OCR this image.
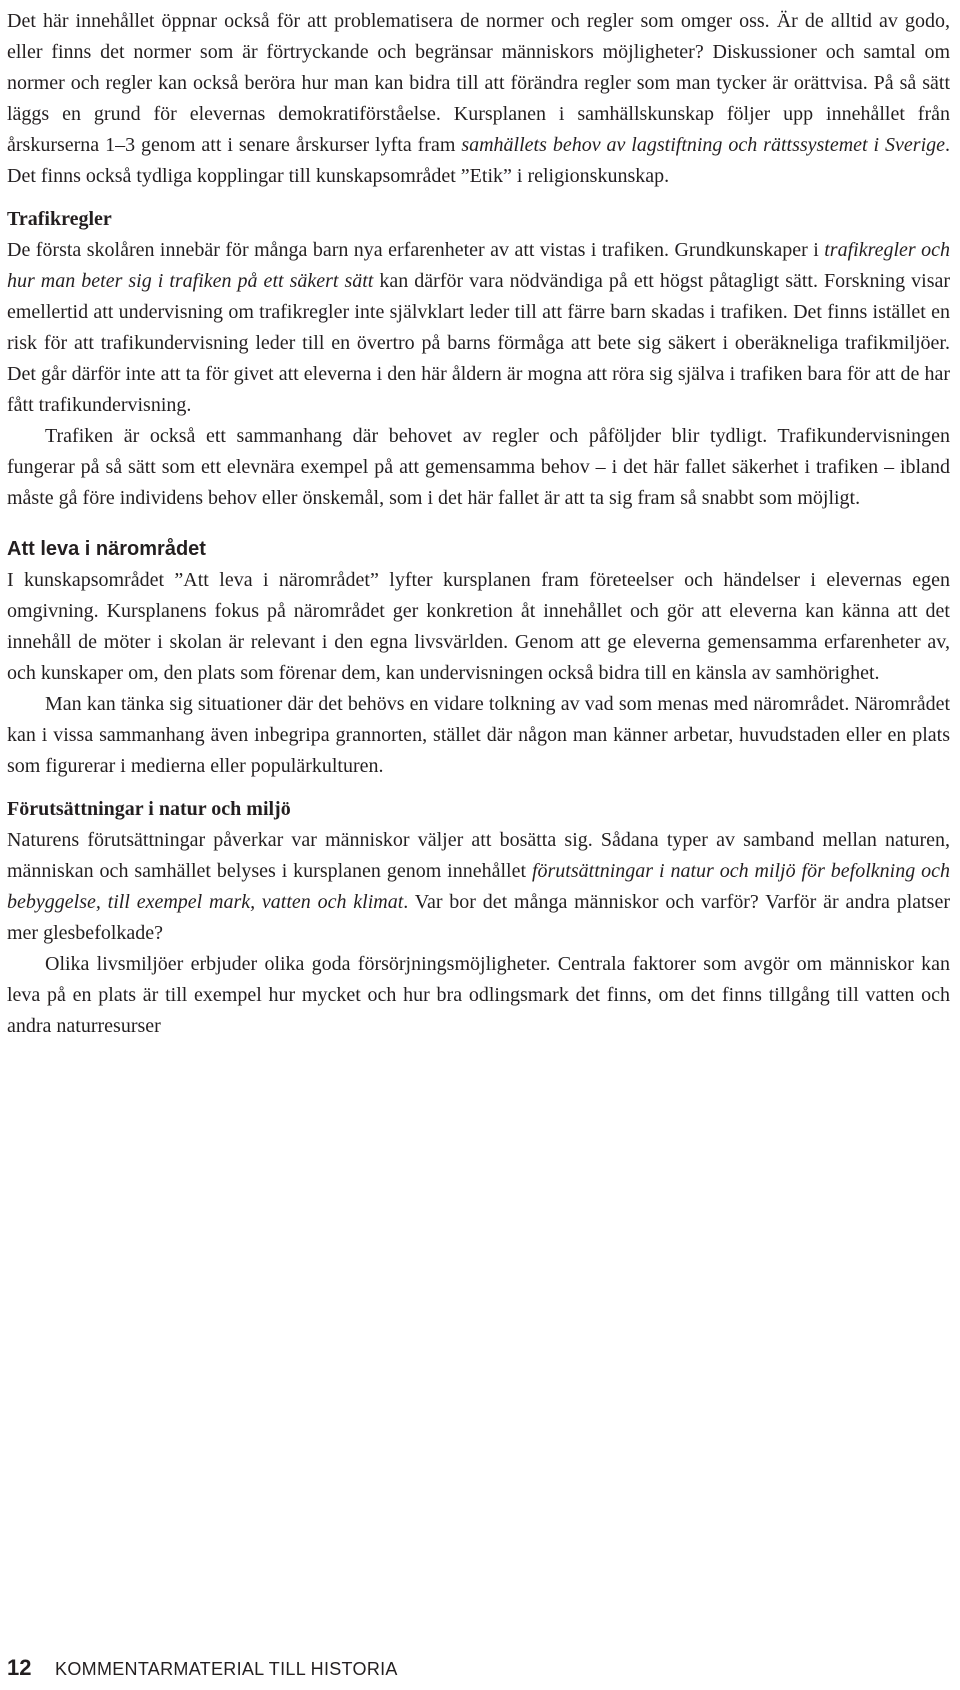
Det här innehållet öppnar också för att problematisera de normer och regler som omger oss. Är de alltid av godo, eller finns det normer som är förtryckande och begränsar människors möjligheter? Diskussioner och samtal om normer och regler kan också beröra hur man kan bidra till att förändra regler som man tycker är orättvisa. På så sätt läggs en grund för elevernas demokratiförståelse. Kursplanen i samhällskunskap följer upp innehållet från årskurserna 1–3 genom att i senare årskurser lyfta fram samhällets behov av lagstiftning och rättssystemet i Sverige. Det finns också tydliga kopplingar till kunskapsområdet ”Etik” i religionskunskap.

Trafikregler

De första skolåren innebär för många barn nya erfarenheter av att vistas i trafiken. Grundkunskaper i trafikregler och hur man beter sig i trafiken på ett säkert sätt kan därför vara nödvändiga på ett högst påtagligt sätt. Forskning visar emellertid att undervisning om trafikregler inte självklart leder till att färre barn skadas i trafiken. Det finns istället en risk för att trafikundervisning leder till en övertro på barns förmåga att bete sig säkert i oberäkneliga trafikmiljöer. Det går därför inte att ta för givet att eleverna i den här åldern är mogna att röra sig själva i trafiken bara för att de har fått trafikundervisning.

Trafiken är också ett sammanhang där behovet av regler och påföljder blir tydligt. Trafikundervisningen fungerar på så sätt som ett elevnära exempel på att gemensamma behov – i det här fallet säkerhet i trafiken – ibland måste gå före individens behov eller önskemål, som i det här fallet är att ta sig fram så snabbt som möjligt.

Att leva i närområdet

I kunskapsområdet ”Att leva i närområdet” lyfter kursplanen fram företeelser och händelser i elevernas egen omgivning. Kursplanens fokus på närområdet ger konkretion åt innehållet och gör att eleverna kan känna att det innehåll de möter i skolan är relevant i den egna livsvärlden. Genom att ge eleverna gemensamma erfarenheter av, och kunskaper om, den plats som förenar dem, kan undervisningen också bidra till en känsla av samhörighet.

Man kan tänka sig situationer där det behövs en vidare tolkning av vad som menas med närområdet. Närområdet kan i vissa sammanhang även inbegripa grannorten, stället där någon man känner arbetar, huvudstaden eller en plats som figurerar i medierna eller populärkulturen.

Förutsättningar i natur och miljö

Naturens förutsättningar påverkar var människor väljer att bosätta sig. Sådana typer av samband mellan naturen, människan och samhället belyses i kursplanen genom innehållet förutsättningar i natur och miljö för befolkning och bebyggelse, till exempel mark, vatten och klimat. Var bor det många människor och varför? Varför är andra platser mer glesbefolkade?

Olika livsmiljöer erbjuder olika goda försörjningsmöjligheter. Centrala faktorer som avgör om människor kan leva på en plats är till exempel hur mycket och hur bra odlingsmark det finns, om det finns tillgång till vatten och andra naturresurser

12 KOMMENTARMATERIAL TILL HISTORIA
